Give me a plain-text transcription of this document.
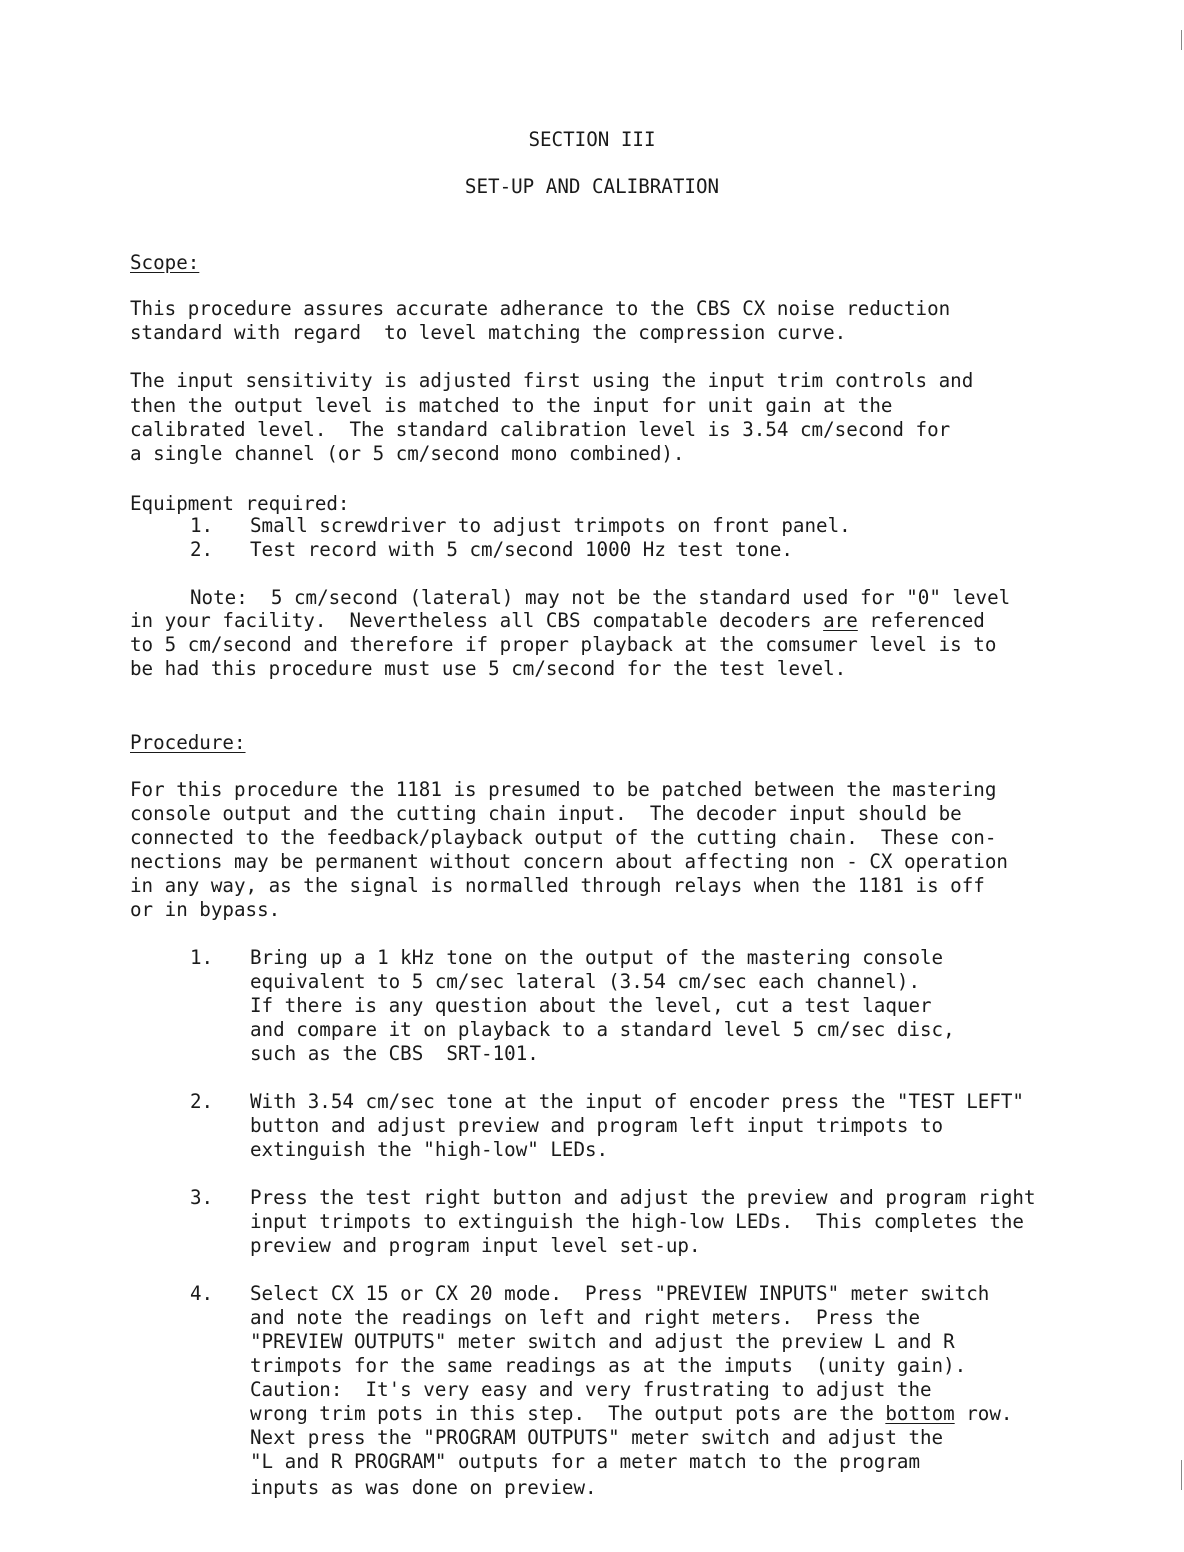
SECTION III
SET-UP AND CALIBRATION
Scope:
This procedure assures accurate adherance to the CBS CX noise reduction
standard with regard  to level matching the compression curve.
The input sensitivity is adjusted first using the input trim controls and
then the output level is matched to the input for unit gain at the
calibrated level.  The standard calibration level is 3.54 cm/second for
a single channel (or 5 cm/second mono combined).
Equipment required:
1. Small screwdriver to adjust trimpots on front panel.
2. Test record with 5 cm/second 1000 Hz test tone.
Note:  5 cm/second (lateral) may not be the standard used for "0" level
in your facility.  Nevertheless all CBS compatable decoders are referenced
to 5 cm/second and therefore if proper playback at the comsumer level is to
be had this procedure must use 5 cm/second for the test level.
Procedure:
For this procedure the 1181 is presumed to be patched between the mastering
console output and the cutting chain input.  The decoder input should be
connected to the feedback/playback output of the cutting chain.  These con-
nections may be permanent without concern about affecting non - CX operation
in any way, as the signal is normalled through relays when the 1181 is off
or in bypass.
1. Bring up a 1 kHz tone on the output of the mastering console
equivalent to 5 cm/sec lateral (3.54 cm/sec each channel).
If there is any question about the level, cut a test laquer
and compare it on playback to a standard level 5 cm/sec disc,
such as the CBS  SRT-101.
2. With 3.54 cm/sec tone at the input of encoder press the "TEST LEFT"
button and adjust preview and program left input trimpots to
extinguish the "high-low" LEDs.
3. Press the test right button and adjust the preview and program right
input trimpots to extinguish the high-low LEDs.  This completes the
preview and program input level set-up.
4. Select CX 15 or CX 20 mode.  Press "PREVIEW INPUTS" meter switch
and note the readings on left and right meters.  Press the
"PREVIEW OUTPUTS" meter switch and adjust the preview L and R
trimpots for the same readings as at the imputs  (unity gain).
Caution:  It's very easy and very frustrating to adjust the
wrong trim pots in this step.  The output pots are the bottom row.
Next press the "PROGRAM OUTPUTS" meter switch and adjust the
"L and R PROGRAM" outputs for a meter match to the program
inputs as was done on preview.
